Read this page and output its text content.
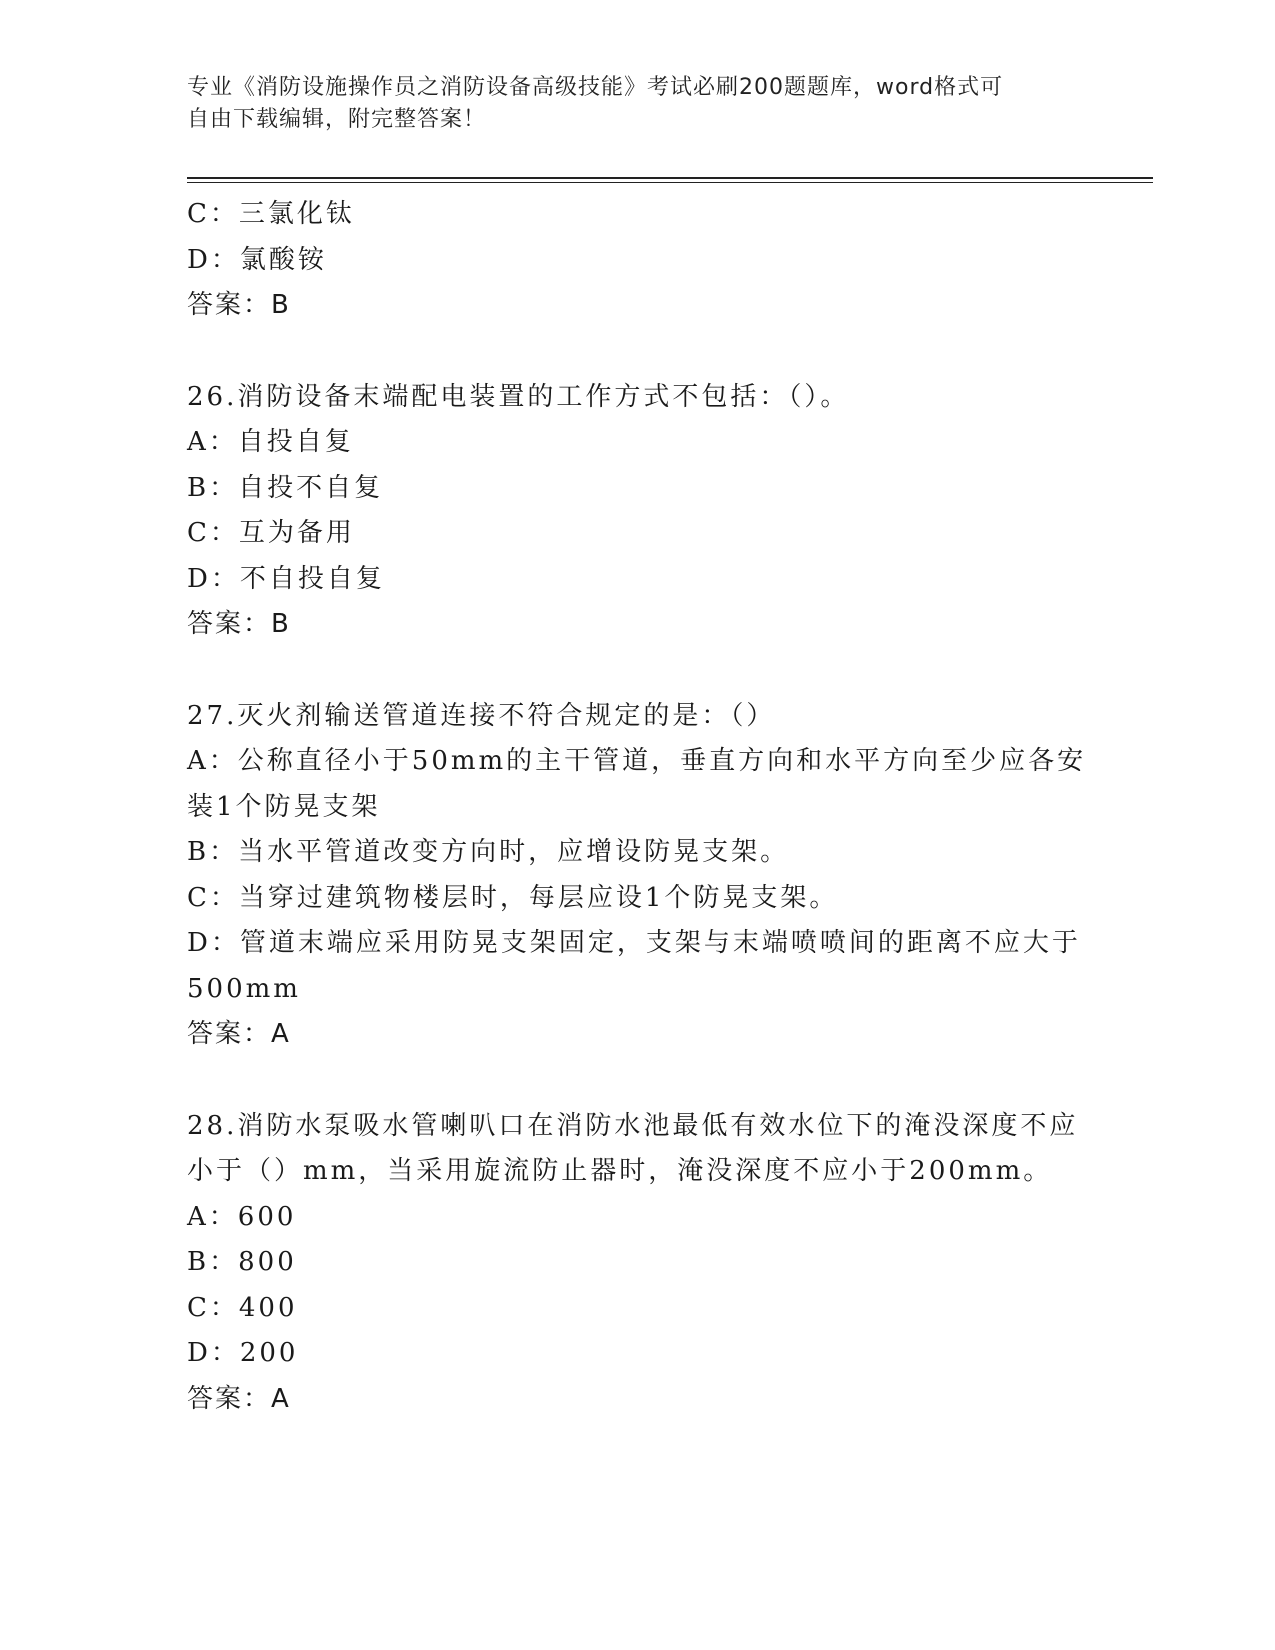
专业《消防设施操作员之消防设备高级技能》考试必刷200题题库，word格式可
自由下载编辑，附完整答案！
C：三氯化钛
D：氯酸铵
答案：B
26.消防设备末端配电装置的工作方式不包括：（）。
A：自投自复
B：自投不自复
C：互为备用
D：不自投自复
答案：B
27.灭火剂输送管道连接不符合规定的是：（）
A：公称直径小于50mm的主干管道，垂直方向和水平方向至少应各安
装1个防晃支架
B：当水平管道改变方向时，应增设防晃支架。
C：当穿过建筑物楼层时，每层应设1个防晃支架。
D：管道末端应采用防晃支架固定，支架与末端喷喷间的距离不应大于
500mm
答案：A
28.消防水泵吸水管喇叭口在消防水池最低有效水位下的淹没深度不应
小于（）mm，当采用旋流防止器时，淹没深度不应小于200mm。
A：600
B：800
C：400
D：200
答案：A
